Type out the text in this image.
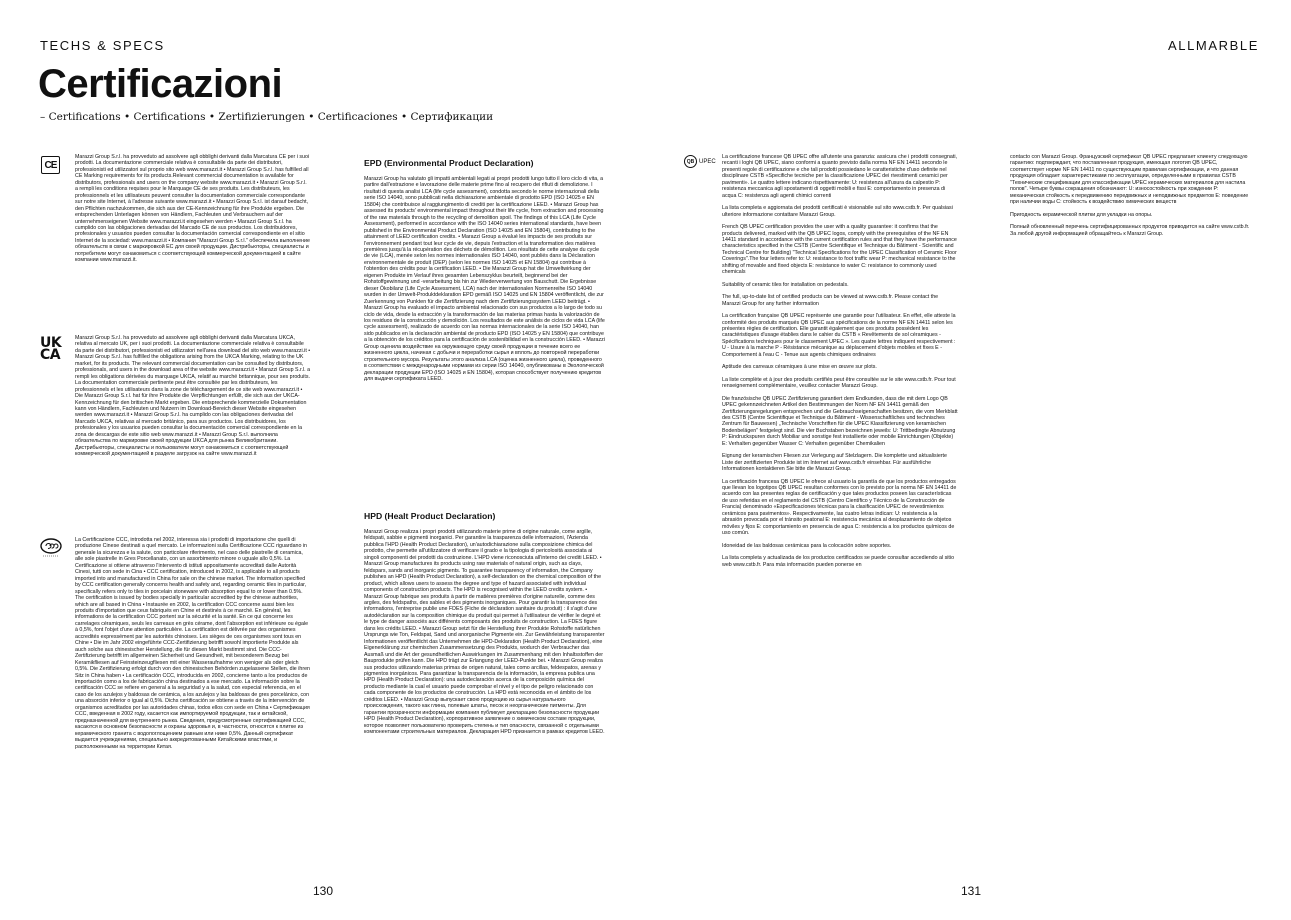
TECHS & SPECS	ALLMARBLE
Certificazioni
– Certifications • Certifications • Zertifizierungen • Certificaciones • Сертификации
CE
UK
CA
Marazzi Group S.r.l. ha provveduto ad assolvere agli obblighi derivanti dalla Marcatura CE per i suoi prodotti. La documentazione commerciale relativa è consultabile da parte dei distributori, professionisti ed utilizzatori sul proprio sito web www.marazzi.it • Marazzi Group S.r.l. has fulfilled all CE Marking requirements for its products.Relevant commercial documentation is available for distributors, professionals and users on the company website www.marazzi.it • Marazzi Group S.r.l. a rempli les conditions requises pour le Marquage CE de ses produits. Les distributeurs, les professionnels et les utilisateurs peuvent consulter la documentation commerciale correspondante sur notre site Internet, à l'adresse suivante www.marazzi.it • Marazzi Group S.r.l. ist darauf bedacht, den Pflichten nachzukommen, die sich aus der CE-Kennzeichnung für ihre Produkte ergeben. Die entsprechenden Unterlagen können von Händlern, Fachleuten und Verbrauchern auf der unternehmenseigenen Website www.marazzi.it eingesehen werden • Marazzi Group S.r.l. ha cumplido con las obligaciones derivadas del Marcado CE de sus productos. Los distribuidores, profesionales y usuarios pueden consultar la documentación comercial correspondiente en el sitio Internet de la sociedad: www.marazzi.it • Компания "Marazzi Group S.r.l." обеспечила выполнение обязательств в связи с маркировкой ЕС для своей продукции. Дистрибьюторы, специалисты и потребители могут ознакомиться с соответствующей коммерческой документацией в сайте компании www.marazzi.it.
Marazzi Group S.r.l. ha provveduto ad assolvere agli obblighi derivanti dalla Marcatura UKCA, relativa al mercato UK, per i suoi prodotti. La documentazione commerciale relativa è consultabile da parte dei distributori, professionisti ed utilizzatori nell'area download del sito web www.marazzi.it • Marazzi Group S.r.l. has fulfilled the obligations arising from the UKCA Marking, relating to the UK market, for its products. The relevant commercial documentation can be consulted by distributors, professionals, and users in the download area of the website www.marazzi.it • Marazzi Group S.r.l. a rempli les obligations dérivées du marquage UKCA, relatif au marché britannique, pour ses produits. La documentation commerciale pertinente peut être consultée par les distributeurs, les professionnels et les utilisateurs dans la zone de téléchargement de ce site web www.marazzi.it • Die Marazzi Group S.r.l. hat für ihre Produkte die Verpflichtungen erfüllt, die sich aus der UKCA-Kennzeichnung für den britischen Markt ergeben. Die entsprechende kommerzielle Dokumentation kann von Händlern, Fachleuten und Nutzern im Download-Bereich dieser Website eingesehen werden www.marazzi.it • Marazzi Group S.r.l. ha cumplido con las obligaciones derivadas del Marcado UKCA, relativas al mercado británico, para sus productos. Los distribuidores, los profesionales y los usuarios pueden consultar la documentación comercial correspondiente en la zona de descargas de este sitio web www.marazzi.it • Marazzi Group S.r.l. выполнила обязательства по маркировке своей продукции UKCA для рынка Великобритании. Дистрибьюторы, специалисты и пользователи могут ознакомиться с соответствующей коммерческой документацией в разделе загрузок на сайте www.marazzi.it
La Certificazione CCC, introdotta nel 2002, interessa sia i prodotti di importazione che quelli di produzione Cinese destinati a quel mercato. Le informazioni sulla Certificazione CCC riguardano in generale la sicurezza e la salute, con particolare riferimento, nel caso delle piastrelle di ceramica, alle sole piastrelle in Gres Porcellanato, con un assorbimento minore o uguale allo 0,5%. La Certificazione si ottiene attraverso l'intervento di istituti appositamente accreditati dalle Autorità Cinesi, tutti con sede in Cina • CCC certification, introduced in 2002, is applicable to all products imported into and manufactured in China for sale on the chinese market. The information specified by CCC certification generally concerns health and safety and, regarding ceramic tiles in particular, specifically refers only to tiles in porcelain stoneware with absorption equal to or lower than 0.5%. The certification is issued by bodies specially in particular accredited by the chinese authorities, which are all based in China • Instaurée en 2002, la certification CCC concerne aussi bien les produits d'importation que ceux fabriqués en Chine et destinés à ce marché. En général, les informations de la certification CCC portent sur la sécurité et la santé. En ce qui concerne les carrelages céramiques, seuls les carreaux en grès cérame, dont l'absorption est inférieure ou égale à 0,5%, font l'objet d'une attention particulière. La certification est délivrée par des organismes accredités expressément par les autorités chinoises. Les sièges de ces organismes sont tous en Chine • Die im Jahr 2002 eingeführte CCC-Zertifizierung betrifft sowohl importierte Produkte als auch solche aus chinesischer Herstellung, die für diesen Markt bestimmt sind. Die CCC-Zertifizierung betrifft im allgemeinen Sicherheit und Gesundheit, mit besonderem Bezug bei Keramikfliesen auf Feinsteinzeugfliesen mit einer Wasseraufnahme von weniger als oder gleich 0,5%. Die Zertifizierung erfolgt durch von den chinesischen Behörden zugelassene Stellen, die ihren Sitz in China haben • La certificación CCC, introducida en 2002, concierne tanto a los productos de importación como a los de fabricación china destinados a ese mercado. La información sobre la certificación CCC se refiere en general a la seguridad y a la salud, con especial referencia, en el caso de los azulejos y baldosas de cerámica, a los azulejos y las baldosas de gres porcelánico, con una absorción inferior o igual al 0,5%. Dichs certificación se obtiene a través de la intervención de organismos acreditados por las autoridades chinas, todos ellos con sede en China • Сертификация CCC, введенная в 2002 году, касается как импортируемой продукции, так и китайской, предназначенной для внутреннего рынка. Сведения, предусмотренные сертификацией CCC, касаются в основном безопасности и охраны здоровья и, в частности, относятся к плитке из керамического гранита с водопоглощением равным или ниже 0,5%. Данный сертификат выдается учреждениями, специально аккредитованными Китайскими властями, и расположенными на территории Китая.
EPD (Environmental Product Declaration)
Marazzi Group ha valutato gli impatti ambientali legati ai propri prodotti lungo tutto il loro ciclo di vita, a partire dall'estrazione e lavorazione delle materie prime fino al recupero dei rifiuti di demolizione. I risultati di questa analisi LCA (life cycle assessment), condotta secondo le norme internazionali della serie ISO 14040, sono pubblicati nella dichiarazione ambientale di prodotto EPD (ISO 14025 e EN 15804) che contribuisce al raggiungimento di crediti per la certificazione LEED. • Marazzi Group has assessed its products' environmental impact throughout their life cycle, from extraction and processing of the raw materials through to the recycling of demolition spoil. The findings of this LCA (Life Cycle Assessment), performed in accordance with the ISO 14040 series international standards, have been published in the Environmental Product Declaration (ISO 14025 and EN 15804), contributing to the attainment of LEED certification credits. • Marazzi Group a évalué les impacts de ses produits sur l'environnement pendant tout leur cycle de vie, depuis l'extraction et la transformation des matières premières jusqu'à la récupération des déchets de démolition. Les résultats de cette analyse du cycle de vie (LCA), menée selon les normes internationales ISO 14040, sont publiés dans la Déclaration environnementale de produit (DEP) (selon les normes ISO 14025 et EN 15804) qui contribue à l'obtention des crédits pour la certification LEED. • Die Marazzi Group hat die Umweltwirkung der eigenen Produkte im Verlauf ihres gesamten Lebenszyklus beurteilt, beginnend bei der Rohstoffgewinnung und -verarbeitung bis hin zur Wiederverwertung von Bauschutt. Die Ergebnisse dieser Ökobilanz (Life Cycle Assessment, LCA) nach der internationalen Normenreihe ISO 14040 wurden in der Umwelt-Produktdeklaration EPD gemäß ISO 14025 und EN 15804 veröffentlicht, die zur Zuerkennung von Punkten für die Zertifizierung nach dem Zertifizierungssystem LEED beiträgt. • Marazzi Group ha evaluado el impacto ambiental relacionado con sus productos a lo largo de todo su ciclo de vida, desde la extracción y la transformación de las materias primas hasta la valorización de los residuos de la construcción y demolición. Los resultados de este análisis de ciclos de vida LCA (life cycle assessment), realizado de acuerdo con las normas internacionales de la serie ISO 14040, han sido publicados en la declaración ambiental de producto EPD (ISO 14025 y EN 15804) que contribuye a la obtención de los créditos para la certificación de sostenibilidad en la construcción LEED. • Marazzi Group оценила воздействие на окружающую среду своей продукции в течение всего ее жизненного цикла, начиная с добычи и переработки сырья и вплоть до повторной переработки строительного мусора. Результаты этого анализа LCA (оценка жизненного цикла), проведенного в соответствии с международными нормами из серии ISO 14040, опубликованы в Экологической декларации продукции EPD (ISO 14025 и EN 15804), которая способствует получению кредитов для выдачи сертификата LEED.
HPD (Healt Product Declaration)
Marazzi Group realizza i propri prodotti utilizzando materie prime di origine naturale, come argille, feldspati, sabbie e pigmenti inorganici. Per garantire la trasparenza delle informazioni, l'Azienda pubblica l'HPD (Health Product Declaration), un'autodichiarazione sulla composizione chimica del prodotto, che permette all'utilizzatore di verificare il grado e la tipologia di pericolosità associata ai singoli componenti dei prodotti da costruzione. L'HPD viene riconosciuta all'interno dei crediti LEED. • Marazzi Group manufactures its products using raw materials of natural origin, such as clays, feldspars, sands and inorganic pigments. To guarantee transparency of information, the Company publishes an HPD (Health Product Declaration), a self-declaration on the chemical composition of the product, which allows users to assess the degree and type of hazard associated with individual components of construction products. The HPD is recognised within the LEED credits system. • Marazzi Group fabrique ses produits à partir de matières premières d'origine naturelle, comme des argiles, des feldspaths, des sables et des pigments inorganiques. Pour garantir la transparence des informations, l'entreprise publie une FDES (Fiche de déclaration sanitaire du produit) : il s'agit d'une autodéclaration sur la composition chimique du produit qui permet à l'utilisateur de vérifier le degré et le type de danger associés aux différents composants des produits de construction. La FDES figure dans les crédits LEED. • Marazzi Group setzt für die Herstellung ihrer Produkte Rohstoffe natürlichen Ursprungs wie Ton, Feldspat, Sand und anorganische Pigmente ein. Zur Gewährleistung transparenter Informationen veröffentlicht das Unternehmen die HPD-Deklaration (Health Product Declaration), eine Eigenerklärung zur chemischen Zusammensetzung des Produkts, wodurch der Verbraucher das Ausmaß und die Art der gesundheitlichen Auswirkungen im Zusammenhang mit den Inhaltsstoffen der Bauprodukte prüfen kann. Die HPD trägt zur Erlangung der LEED-Punkte bei. • Marazzi Group realiza sus productos utilizando materias primas de origen natural, tales como arcillas, feldespatos, arenas y pigmentos inorgánicos. Para garantizar la transparencia de la información, la empresa publica una HPD (Health Product Declaration): una autodeclaración acerca de la composición química del producto mediante la cual el usuario puede comprobar el nivel y el tipo de peligro relacionado con cada componente de los productos de construcción. La HPD está reconocida en el ámbito de los créditos LEED. • Marazzi Group выпускает свою продукцию из сырья натурального происхождения, такого как глина, полевые шпаты, песок и неорганические пигменты. Для гарантии прозрачности информации компания публикует декларацию безопасности продукции HPD (Health Product Declaration), корпоративное заявление о химическом составе продукции, которое позволяет пользователю проверить степень и тип опасности, связанной с отдельными компонентами строительных материалов. Декларация HPD признается в рамках кредитов LEED.
QB UPEC

La certificazione francese QB UPEC offre all'utente una garanzia: assicura che i prodotti consegnati, recanti i loghi QB UPEC, siano conformi a quanto previsto dalla norma NF EN 14411 secondo le presenti regole di certificazione e che tali prodotti possiedano le caratteristiche d'uso definite nel disciplinare CSTB «Specifiche tecniche per la classificazione UPEC dei rivestimenti ceramici per pavimenti». Le quattro lettere indicano rispettivamente: U: resistenza all'usura da calpestio P: resistenza meccanica agli spostamenti di oggetti mobili e fissi E: comportamento in presenza di acqua C: resistenza agli agenti chimici correnti

La lista completa e aggiornata dei prodotti certificati è visionabile sul sito www.cstb.fr. Per qualsiasi ulteriore informazione contattare Marazzi Group.

French QB UPEC certification provides the user with a quality guarantee: it confirms that the products delivered, marked with the QB UPEC logos, comply with the prerequisites of the NF EN 14411 standard in accordance with the current certification rules and that they have the performance characteristics specified in the CSTB (Centre Scientifique et Technique du Bâtiment - Scientific and Technical Centre for Building) "Technical Specifications for the UPEC Classification of Ceramic Floor Coverings".The four letters refer to: U: resistance to foot traffic wear P: mechanical resistance to the shifting of movable and fixed objects E: resistance to water C: resistance to commonly used chemicals

Suitability of ceramic tiles for installation on pedestals.

The full, up-to-date list of certified products can be viewed at www.cstb.fr. Please contact the Marazzi Group for any further information

La certification française QB UPEC représente une garantie pour l'utilisateur. En effet, elle atteste la conformité des produits marqués QB UPEC aux spécifications de la norme NF EN 14411 selon les présentes règles de certification. Elle garantit également que ces produits possèdent les caractéristiques d'usage établies dans le cahier du CSTB « Revêtements de sol céramiques - Spécifications techniques pour le classement UPEC ». Les quatre lettres indiquent respectivement : U - Usure à la marche P - Résistance mécanique au déplacement d'objets mobiles et fixes E - Comportement à l'eau C - Tenue aux agents chimiques ordinaires

Aptitude des carreaux céramiques à une mise en œuvre sur plots.

La liste complète et à jour des produits certifiés peut être consultée sur le site www.cstb.fr. Pour tout renseignement complémentaire, veuillez contacter Marazzi Group.

Die französische QB UPEC Zertifizierung garantiert dem Endkunden, dass die mit dem Logo QB UPEC gekennzeichneten Artikel den Bestimmungen der Norm NF EN 14411 gemäß den Zertifizierungsregelungen entsprechen und die Gebrauchseigenschaften besitzen, die vom Merkblatt des CSTB (Centre Scientifique et Technique du Bâtiment - Wissenschaftliches und technisches Zentrum für Bauwesen) „Technische Vorschriften für die UPEC Klassifizierung von keramischen Bodenbelägen" festgelegt sind. Die vier Buchstaben bezeichnen jeweils: U: Trittbedingte Abnutzung P: Eindruckspuren durch Mobiliar und sonstige fest installierte oder mobile Einrichtungen (Objekte) E: Verhalten gegenüber Wasser C: Verhalten gegenüber Chemikalien

Eignung der keramischen Fliesen zur Verlegung auf Stelzlagern. Die komplette und aktualisierte Liste der zertifizierten Produkte ist im Internet auf www.cstb.fr einsehbar. Für ausführliche Informationen kontaktieren Sie bitte die Marazzi Group.

La certificación francesa QB UPEC le ofrece al usuario la garantía de que los productos entregados que llevan los logotipos QB UPEC resultan conformes con lo previsto por la norma NF EN 14411 de acuerdo con las presentes reglas de certificación y que tales productos poseen las características de uso referidas en el reglamento del CSTB (Centro Científico y Técnico de la Construcción de Francia) denominado «Especificaciones técnicas para la clasificación UPEC de revestimientos cerámicos para pavimentos». Respectivamente, las cuatro letras indican: U: resistencia a la abrasión provocada por el tránsito peatonal E: resistencia mecánica al desplazamiento de objetos móviles y fijos E: comportamiento en presencia de agua C: resistencia a los productos químicos de uso común.

Idoneidad de las baldosas cerámicas para la colocación sobre soportes.

La lista completa y actualizada de los productos certificados se puede consultar accediendo al sitio web www.cstb.fr. Para más información pueden ponerse en

contacto con Marazzi Group. Французский сертификат QB UPEC предлагает клиенту следующую гарантию: подтверждает, что поставленная продукция, имеющая логотип QB UPEC, соответствует норме NF EN 14411 по существующим правилам сертификации, и что данная продукция обладает характеристиками по эксплуатации, определенными в правилах CSTB "Технические спецификации для классификации UPEC керамических материалов для настила полов". Четыре буквы сокращения обозначают: U: износостойкость при хождении P: механическая стойкость к передвижению передвижных и неподвижных предметов E: поведение при наличии воды C: стойкость к воздействию химических веществ

Пригодность керамической плитки для укладки на опоры.

Полный обновленный перечень сертифицированных продуктов приводится на сайте www.cstb.fr. За любой другой информацией обращайтесь к Marazzi Group.

130	131
